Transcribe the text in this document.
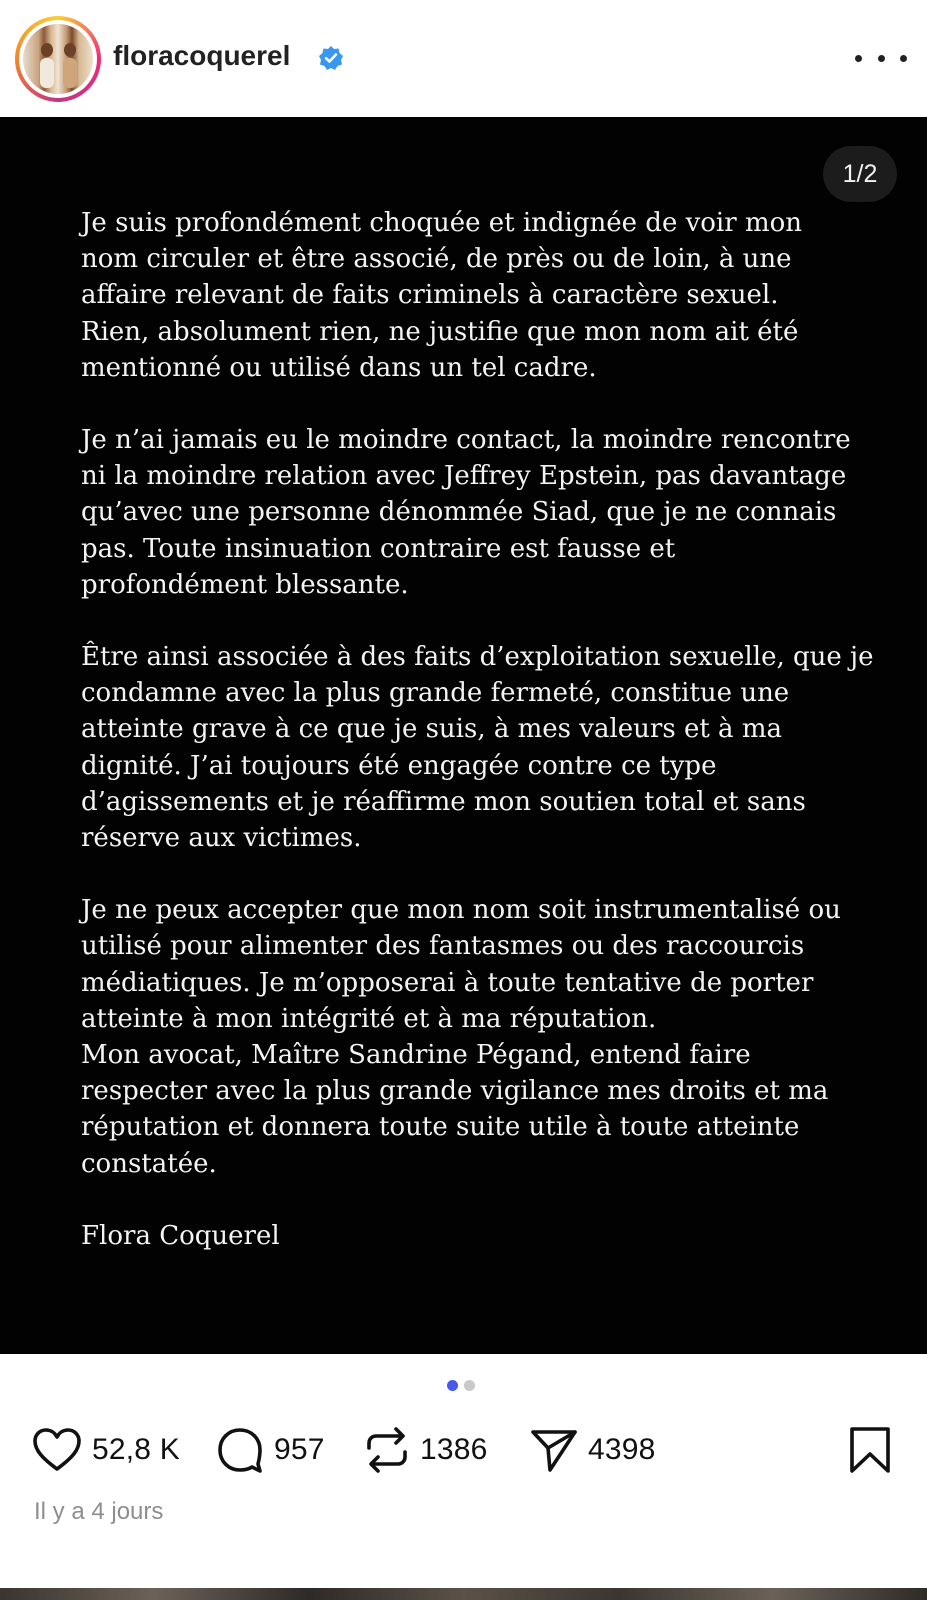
floracoquerel
1/2

Je suis profondément choquée et indignée de voir mon
nom circuler et être associé, de près ou de loin, à une
affaire relevant de faits criminels à caractère sexuel.
Rien, absolument rien, ne justifie que mon nom ait été
mentionné ou utilisé dans un tel cadre.

Je n’ai jamais eu le moindre contact, la moindre rencontre
ni la moindre relation avec Jeffrey Epstein, pas davantage
qu’avec une personne dénommée Siad, que je ne connais
pas. Toute insinuation contraire est fausse et
profondément blessante.

Être ainsi associée à des faits d’exploitation sexuelle, que je
condamne avec la plus grande fermeté, constitue une
atteinte grave à ce que je suis, à mes valeurs et à ma
dignité. J’ai toujours été engagée contre ce type
d’agissements et je réaffirme mon soutien total et sans
réserve aux victimes.

Je ne peux accepter que mon nom soit instrumentalisé ou
utilisé pour alimenter des fantasmes ou des raccourcis
médiatiques. Je m’opposerai à toute tentative de porter
atteinte à mon intégrité et à ma réputation.
Mon avocat, Maître Sandrine Pégand, entend faire
respecter avec la plus grande vigilance mes droits et ma
réputation et donnera toute suite utile à toute atteinte
constatée.

Flora Coquerel

52,8 K	957	1386	4398
Il y a 4 jours
